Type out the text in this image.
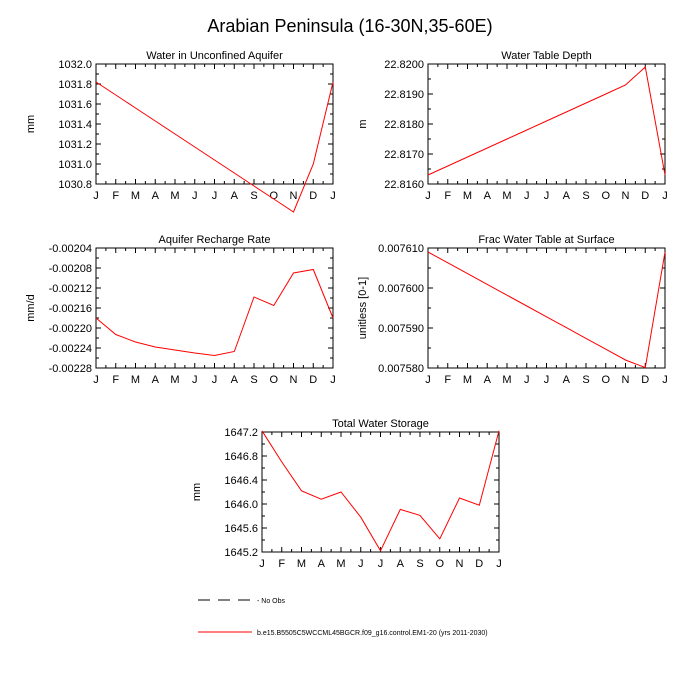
Arabian Peninsula (16-30N,35-60E)
Water in Unconfined Aquifer
J F M A M J J A S O N D J
1030.8
1031.0
1031.2
1031.4
1031.6
1031.8
1032.0
mm
Water Table Depth
J F M A M J J A S O N D J
22.8160
22.8170
22.8180
22.8190
22.8200
m
Aquifer Recharge Rate
J F M A M J J A S O N D J
-0.00228
-0.00224
-0.00220
-0.00216
-0.00212
-0.00208
-0.00204
mm/d
Frac Water Table at Surface
J F M A M J J A S O N D J
0.007580
0.007590
0.007600
0.007610
unitless [0-1]
Total Water Storage
J F M A M J J A S O N D J
1645.2
1645.6
1646.0
1646.4
1646.8
1647.2
mm
- No Obs
b.e15.B5505C5WCCML45BGCR.f09_g16.control.EM1-20 (yrs 2011-2030)
